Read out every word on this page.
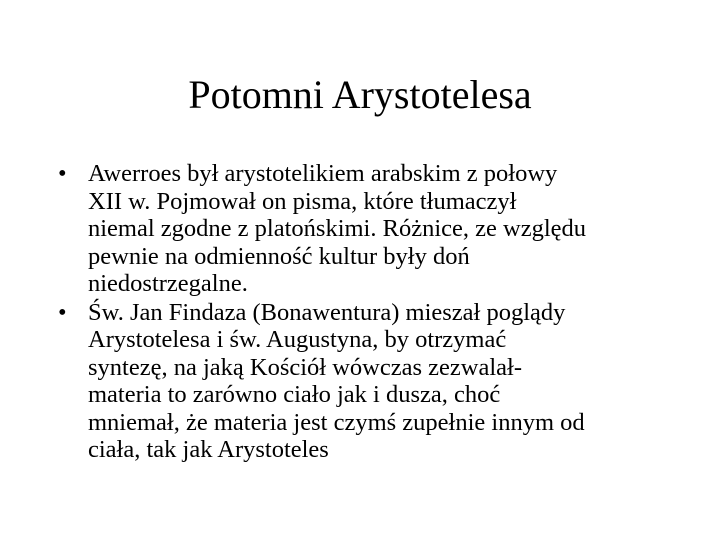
Potomni Arystotelesa
• Awerroes był arystotelikiem arabskim z połowy
XII w. Pojmował on pisma, które tłumaczył
niemal zgodne z platońskimi. Różnice, ze względu
pewnie na odmienność kultur były doń
niedostrzegalne.
• Św. Jan Findaza (Bonawentura) mieszał poglądy
Arystotelesa i św. Augustyna, by otrzymać
syntezę, na jaką Kościół wówczas zezwalał-
materia to zarówno ciało jak i dusza, choć
mniemał, że materia jest czymś zupełnie innym od
ciała, tak jak Arystoteles
